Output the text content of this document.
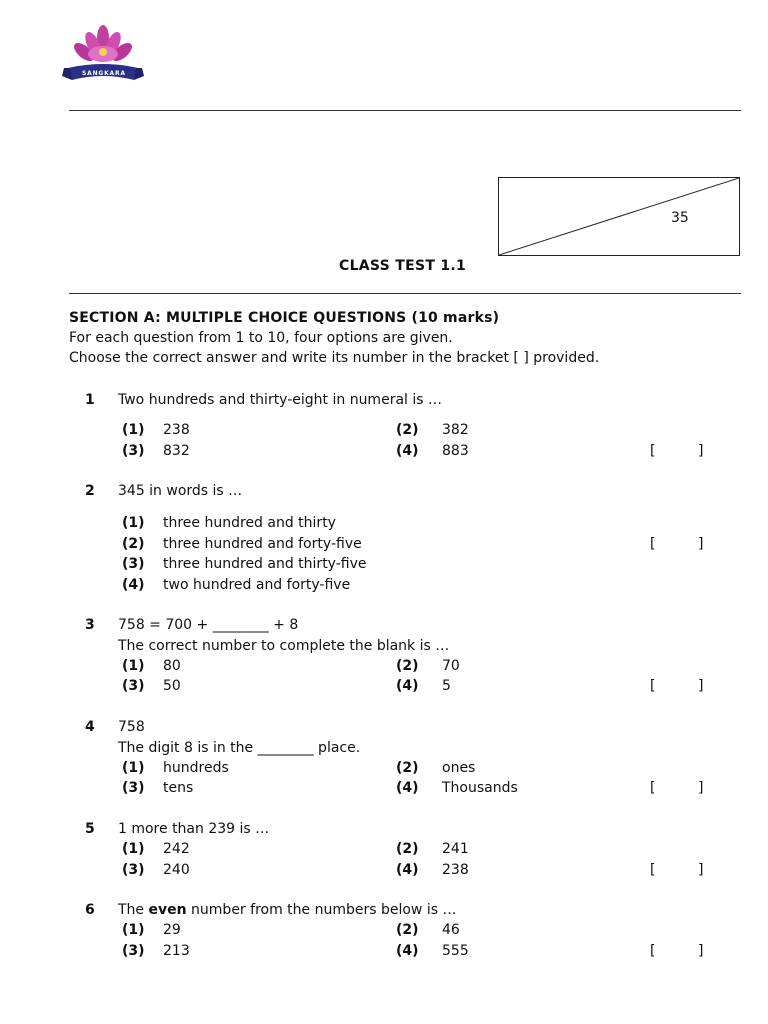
SANGKARA
35
CLASS TEST 1.1
SECTION A: MULTIPLE CHOICE QUESTIONS (10 marks)
For each question from 1 to 10, four options are given.
Choose the correct answer and write its number in the bracket [ ] provided.
1 Two hundreds and thirty-eight in numeral is …
(1) 238	(2) 382
(3) 832	(4) 883	[	]
2 345 in words is …
(1) three hundred and thirty
(2) three hundred and forty-five	[	]
(3) three hundred and thirty-five
(4) two hundred and forty-five
3 758 = 700 + ________ + 8
The correct number to complete the blank is …
(1) 80	(2) 70
(3) 50	(4) 5	[	]
4 758
The digit 8 is in the ________ place.
(1) hundreds	(2) ones
(3) tens	(4) Thousands	[	]
5 1 more than 239 is …
(1) 242	(2) 241
(3) 240	(4) 238	[	]
6 The even number from the numbers below is …
(1) 29	(2) 46
(3) 213	(4) 555	[	]
